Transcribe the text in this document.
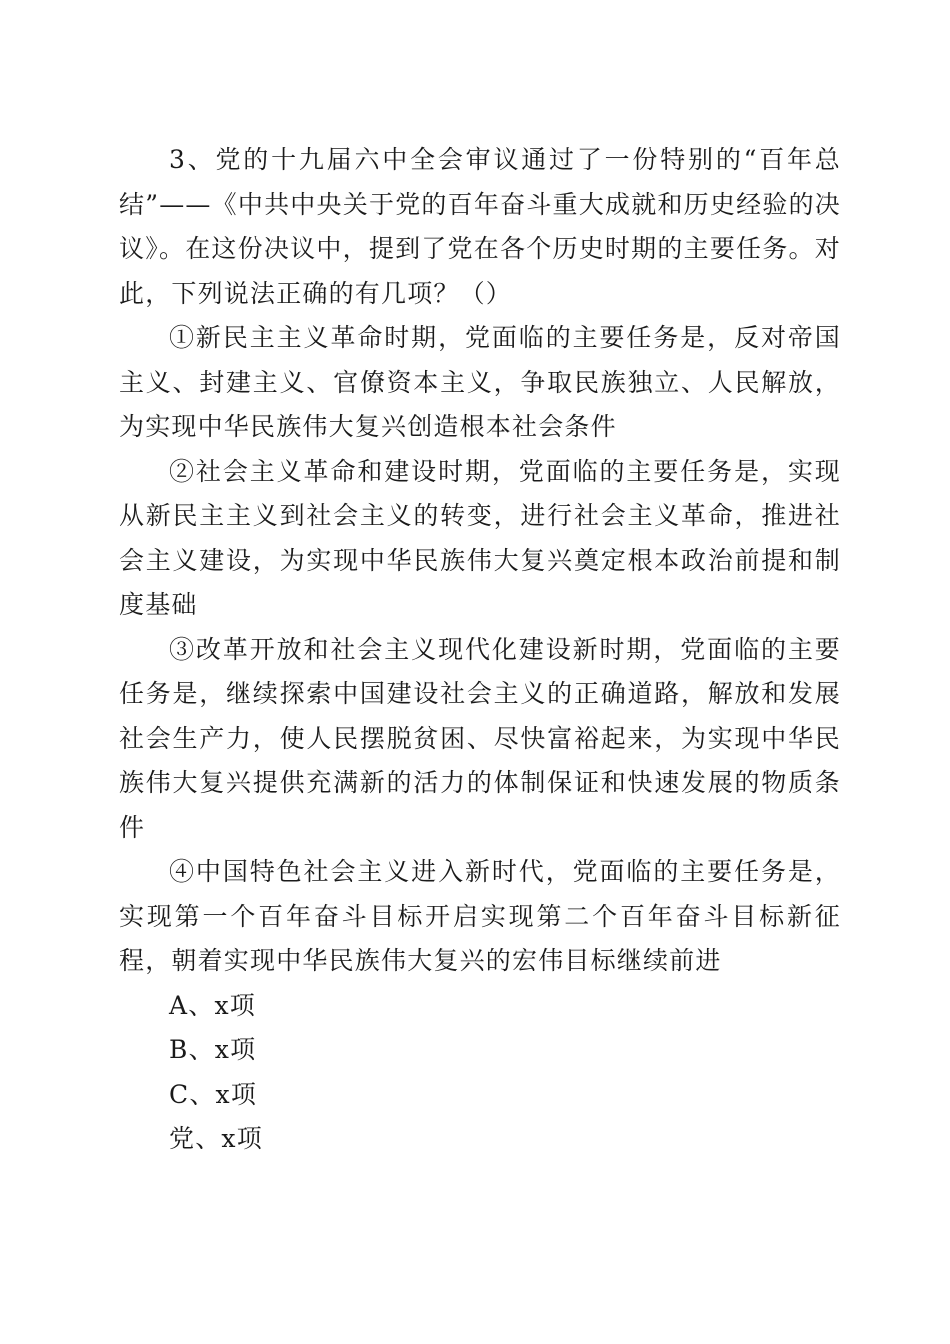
3、党的十九届六中全会审议通过了一份特别的“百年总结”——《中共中央关于党的百年奋斗重大成就和历史经验的决议》。在这份决议中，提到了党在各个历史时期的主要任务。对此，下列说法正确的有几项？（）

①新民主主义革命时期，党面临的主要任务是，反对帝国主义、封建主义、官僚资本主义，争取民族独立、人民解放，为实现中华民族伟大复兴创造根本社会条件

②社会主义革命和建设时期，党面临的主要任务是，实现从新民主主义到社会主义的转变，进行社会主义革命，推进社会主义建设，为实现中华民族伟大复兴奠定根本政治前提和制度基础

③改革开放和社会主义现代化建设新时期，党面临的主要任务是，继续探索中国建设社会主义的正确道路，解放和发展社会生产力，使人民摆脱贫困、尽快富裕起来，为实现中华民族伟大复兴提供充满新的活力的体制保证和快速发展的物质条件

④中国特色社会主义进入新时代，党面临的主要任务是，实现第一个百年奋斗目标开启实现第二个百年奋斗目标新征程，朝着实现中华民族伟大复兴的宏伟目标继续前进

A、x项

B、x项

C、x项

党、x项
